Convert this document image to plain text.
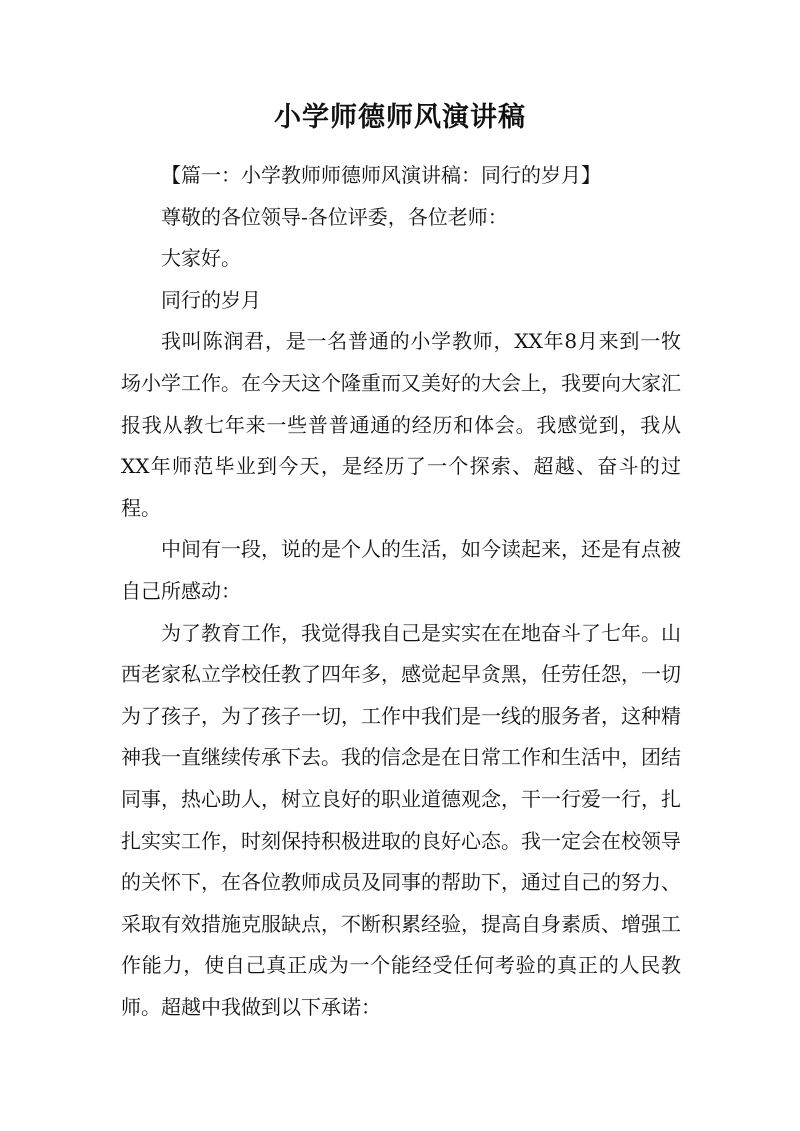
小学师德师风演讲稿

【篇一：小学教师师德师风演讲稿：同行的岁月】

尊敬的各位领导-各位评委，各位老师：

大家好。

同行的岁月

我叫陈润君，是一名普通的小学教师，XX年8月来到一牧场小学工作。在今天这个隆重而又美好的大会上，我要向大家汇报我从教七年来一些普普通通的经历和体会。我感觉到，我从XX年师范毕业到今天，是经历了一个探索、超越、奋斗的过程。

中间有一段，说的是个人的生活，如今读起来，还是有点被自己所感动：

为了教育工作，我觉得我自己是实实在在地奋斗了七年。山西老家私立学校任教了四年多，感觉起早贪黑，任劳任怨，一切为了孩子，为了孩子一切，工作中我们是一线的服务者，这种精神我一直继续传承下去。我的信念是在日常工作和生活中，团结同事，热心助人，树立良好的职业道德观念，干一行爱一行，扎扎实实工作，时刻保持积极进取的良好心态。我一定会在校领导的关怀下，在各位教师成员及同事的帮助下，通过自己的努力、采取有效措施克服缺点，不断积累经验，提高自身素质、增强工作能力，使自己真正成为一个能经受任何考验的真正的人民教师。超越中我做到以下承诺：
